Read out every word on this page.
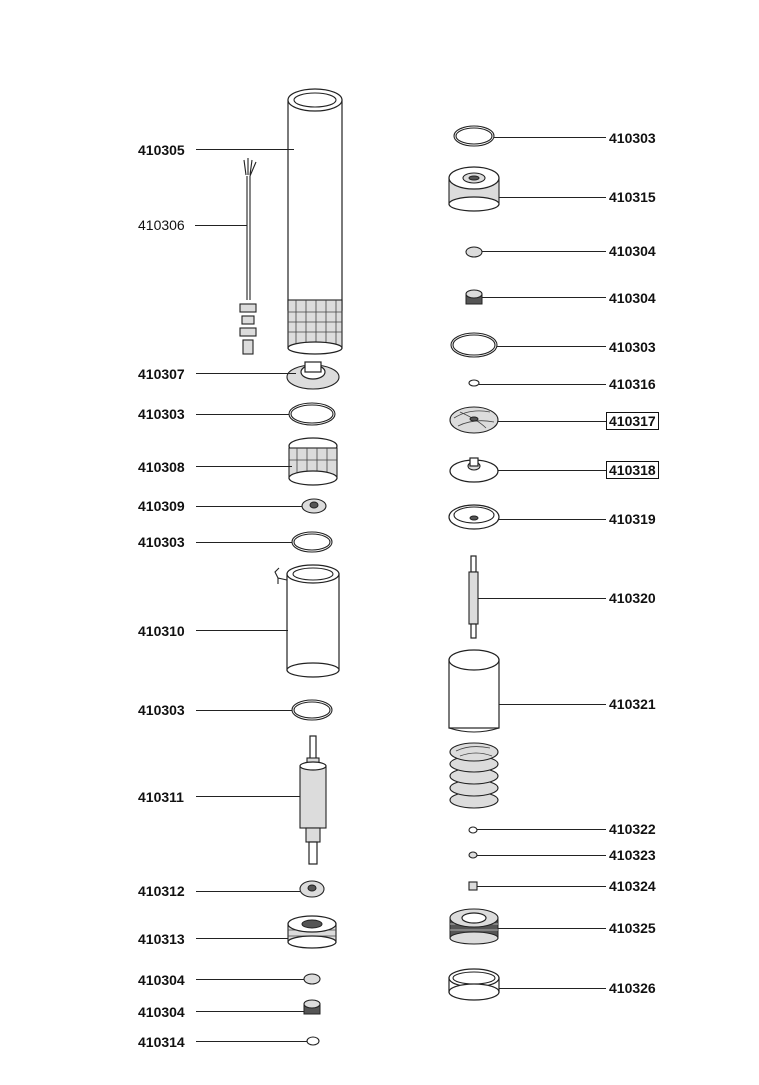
410305
410306
410307
410303
410308
410309
410303
410310
410303
410311
410312
410313
410304
410304
410314
410303
410315
410304
410304
410303
410316
410317
410318
410319
410320
410321
410322
410323
410324
410325
410326
